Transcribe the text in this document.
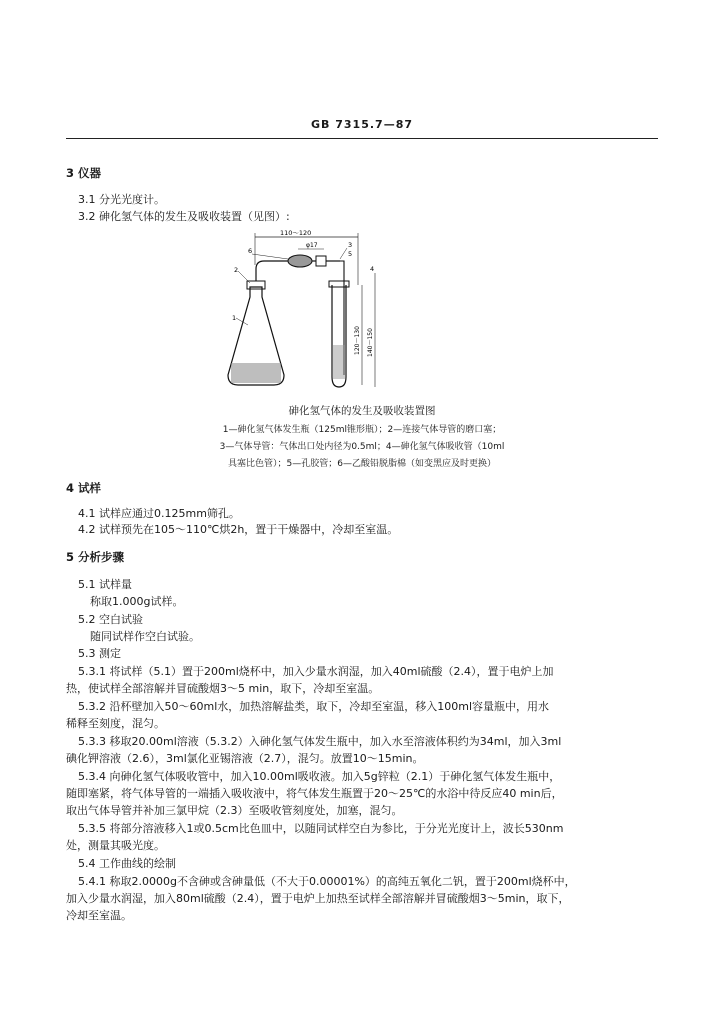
GB 7315.7—87
3 仪器
3.1 分光光度计。
3.2 砷化氢气体的发生及吸收装置（见图）:
110～120
φ17
120～130 140～150
1
2
3
4
5
6
砷化氢气体的发生及吸收装置图
1—砷化氢气体发生瓶（125ml锥形瓶）；2—连接气体导管的磨口塞；
3—气体导管：气体出口处内径为0.5ml；4—砷化氢气体吸收管（10ml
具塞比色管）；5—孔胶管；6—乙酸铅脱脂棉（如变黑应及时更换）
4 试样
4.1 试样应通过0.125mm筛孔。
4.2 试样预先在105～110℃烘2h，置于干燥器中，冷却至室温。
5 分析步骤
5.1 试样量
称取1.000g试样。
5.2 空白试验
随同试样作空白试验。
5.3 测定
5.3.1 将试样（5.1）置于200ml烧杯中，加入少量水润湿，加入40ml硫酸（2.4），置于电炉上加
热，使试样全部溶解并冒硫酸烟3～5 min，取下，冷却至室温。
5.3.2 沿杯壁加入50～60ml水，加热溶解盐类，取下，冷却至室温，移入100ml容量瓶中，用水
稀释至刻度，混匀。
5.3.3 移取20.00ml溶液（5.3.2）入砷化氢气体发生瓶中，加入水至溶液体积约为34ml，加入3ml
碘化钾溶液（2.6），3ml氯化亚锡溶液（2.7），混匀。放置10～15min。
5.3.4 向砷化氢气体吸收管中，加入10.00ml吸收液。加入5g锌粒（2.1）于砷化氢气体发生瓶中，
随即塞紧，将气体导管的一端插入吸收液中，将气体发生瓶置于20～25℃的水浴中待反应40 min后，
取出气体导管并补加三氯甲烷（2.3）至吸收管刻度处，加塞，混匀。
5.3.5 将部分溶液移入1或0.5cm比色皿中，以随同试样空白为参比，于分光光度计上，波长530nm
处，测量其吸光度。
5.4 工作曲线的绘制
5.4.1 称取2.0000g不含砷或含砷量低（不大于0.00001%）的高纯五氧化二钒，置于200ml烧杯中，
加入少量水润湿，加入80ml硫酸（2.4），置于电炉上加热至试样全部溶解并冒硫酸烟3～5min，取下，
冷却至室温。
